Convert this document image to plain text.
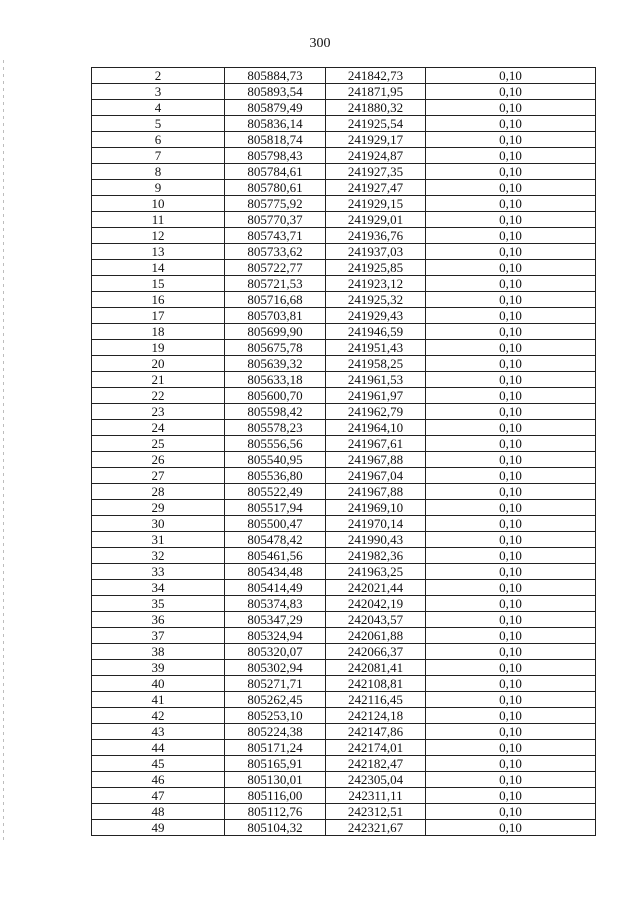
300
2	805884,73	241842,73	0,10
3	805893,54	241871,95	0,10
4	805879,49	241880,32	0,10
5	805836,14	241925,54	0,10
6	805818,74	241929,17	0,10
7	805798,43	241924,87	0,10
8	805784,61	241927,35	0,10
9	805780,61	241927,47	0,10
10	805775,92	241929,15	0,10
11	805770,37	241929,01	0,10
12	805743,71	241936,76	0,10
13	805733,62	241937,03	0,10
14	805722,77	241925,85	0,10
15	805721,53	241923,12	0,10
16	805716,68	241925,32	0,10
17	805703,81	241929,43	0,10
18	805699,90	241946,59	0,10
19	805675,78	241951,43	0,10
20	805639,32	241958,25	0,10
21	805633,18	241961,53	0,10
22	805600,70	241961,97	0,10
23	805598,42	241962,79	0,10
24	805578,23	241964,10	0,10
25	805556,56	241967,61	0,10
26	805540,95	241967,88	0,10
27	805536,80	241967,04	0,10
28	805522,49	241967,88	0,10
29	805517,94	241969,10	0,10
30	805500,47	241970,14	0,10
31	805478,42	241990,43	0,10
32	805461,56	241982,36	0,10
33	805434,48	241963,25	0,10
34	805414,49	242021,44	0,10
35	805374,83	242042,19	0,10
36	805347,29	242043,57	0,10
37	805324,94	242061,88	0,10
38	805320,07	242066,37	0,10
39	805302,94	242081,41	0,10
40	805271,71	242108,81	0,10
41	805262,45	242116,45	0,10
42	805253,10	242124,18	0,10
43	805224,38	242147,86	0,10
44	805171,24	242174,01	0,10
45	805165,91	242182,47	0,10
46	805130,01	242305,04	0,10
47	805116,00	242311,11	0,10
48	805112,76	242312,51	0,10
49	805104,32	242321,67	0,10
